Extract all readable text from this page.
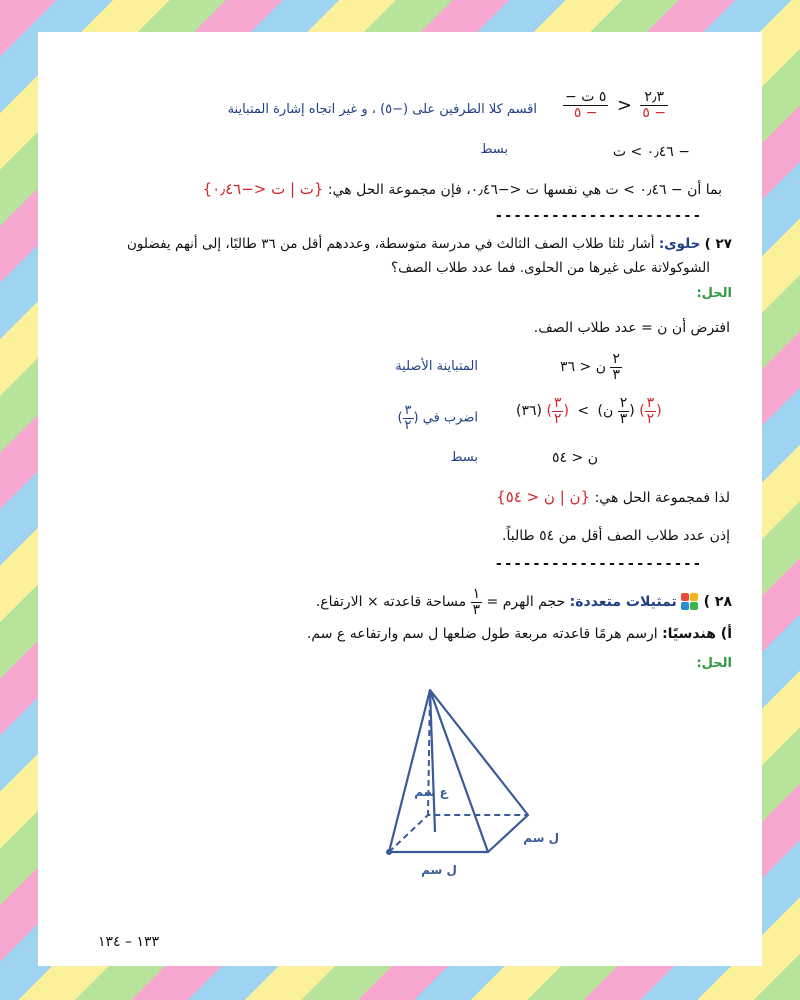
اقسم كلا الطرفين على (−٥) ، و غير اتجاه إشارة المتباينة $\frac{\text{− ٥ ت}}{٥ -} > \frac{٢٫٣}{٥ -}$
− ٠٫٤٦ > ت
بسط
بما أن − ٠٫٤٦ > ت هي نفسها ت <−٠٫٤٦، فإن مجموعة الحل هي: {ت | ت <−٠٫٤٦}
----------------------
٢٧ ) حلوى: أشار ثلثا طلاب الصف الثالث في مدرسة متوسطة، وعددهم أقل من ٣٦ طالبًا، إلى أنهم يفضلون
الشوكولاتة على غيرها من الحلوى. فما عدد طلاب الصف؟
الحل:
افترض أن ن = عدد طلاب الصف.
$\frac{٢}{٣}$
ن < ٣٦
المتباينة الأصلية
(٣٦) ( $\frac{٣}{٢}$ ) < (ن $\frac{٢}{٣}$ ) ( $\frac{٣}{٢}$ )
اضرب في (
$\frac{٣}{٢}$
)
ن < ٥٤
بسط
لذا فمجموعة الحل هي: {ن | ن < ٥٤}
إذن عدد طلاب الصف أقل من ٥٤ طالباً.
----------------------
٢٨ )
تمثيلات متعددة: حجم الهرم =
$\frac{١}{٣}$
مساحة قاعدته × الارتفاع.
أ) هندسيًا: ارسم هرمًا قاعدته مربعة طول ضلعها ل سم وارتفاعه ع سم.
الحل:
ع سم
ل سم
ل سم
١٣٣ – ١٣٤
